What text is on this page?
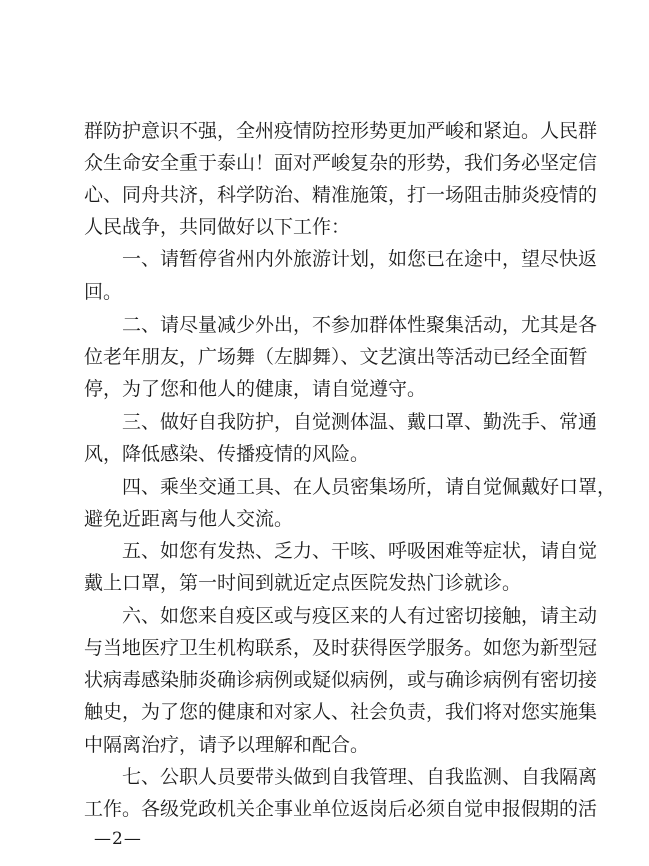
群防护意识不强，全州疫情防控形势更加严峻和紧迫。人民群
众生命安全重于泰山！面对严峻复杂的形势，我们务必坚定信
心、同舟共济，科学防治、精准施策，打一场阻击肺炎疫情的
人民战争，共同做好以下工作：
　　一、请暂停省州内外旅游计划，如您已在途中，望尽快返
回。
　　二、请尽量减少外出，不参加群体性聚集活动，尤其是各
位老年朋友，广场舞（左脚舞）、文艺演出等活动已经全面暂
停，为了您和他人的健康，请自觉遵守。
　　三、做好自我防护，自觉测体温、戴口罩、勤洗手、常通
风，降低感染、传播疫情的风险。
　　四、乘坐交通工具、在人员密集场所，请自觉佩戴好口罩，
避免近距离与他人交流。
　　五、如您有发热、乏力、干咳、呼吸困难等症状，请自觉
戴上口罩，第一时间到就近定点医院发热门诊就诊。
　　六、如您来自疫区或与疫区来的人有过密切接触，请主动
与当地医疗卫生机构联系，及时获得医学服务。如您为新型冠
状病毒感染肺炎确诊病例或疑似病例，或与确诊病例有密切接
触史，为了您的健康和对家人、社会负责，我们将对您实施集
中隔离治疗，请予以理解和配合。
　　七、公职人员要带头做到自我管理、自我监测、自我隔离
工作。各级党政机关企事业单位返岗后必须自觉申报假期的活
—2—
